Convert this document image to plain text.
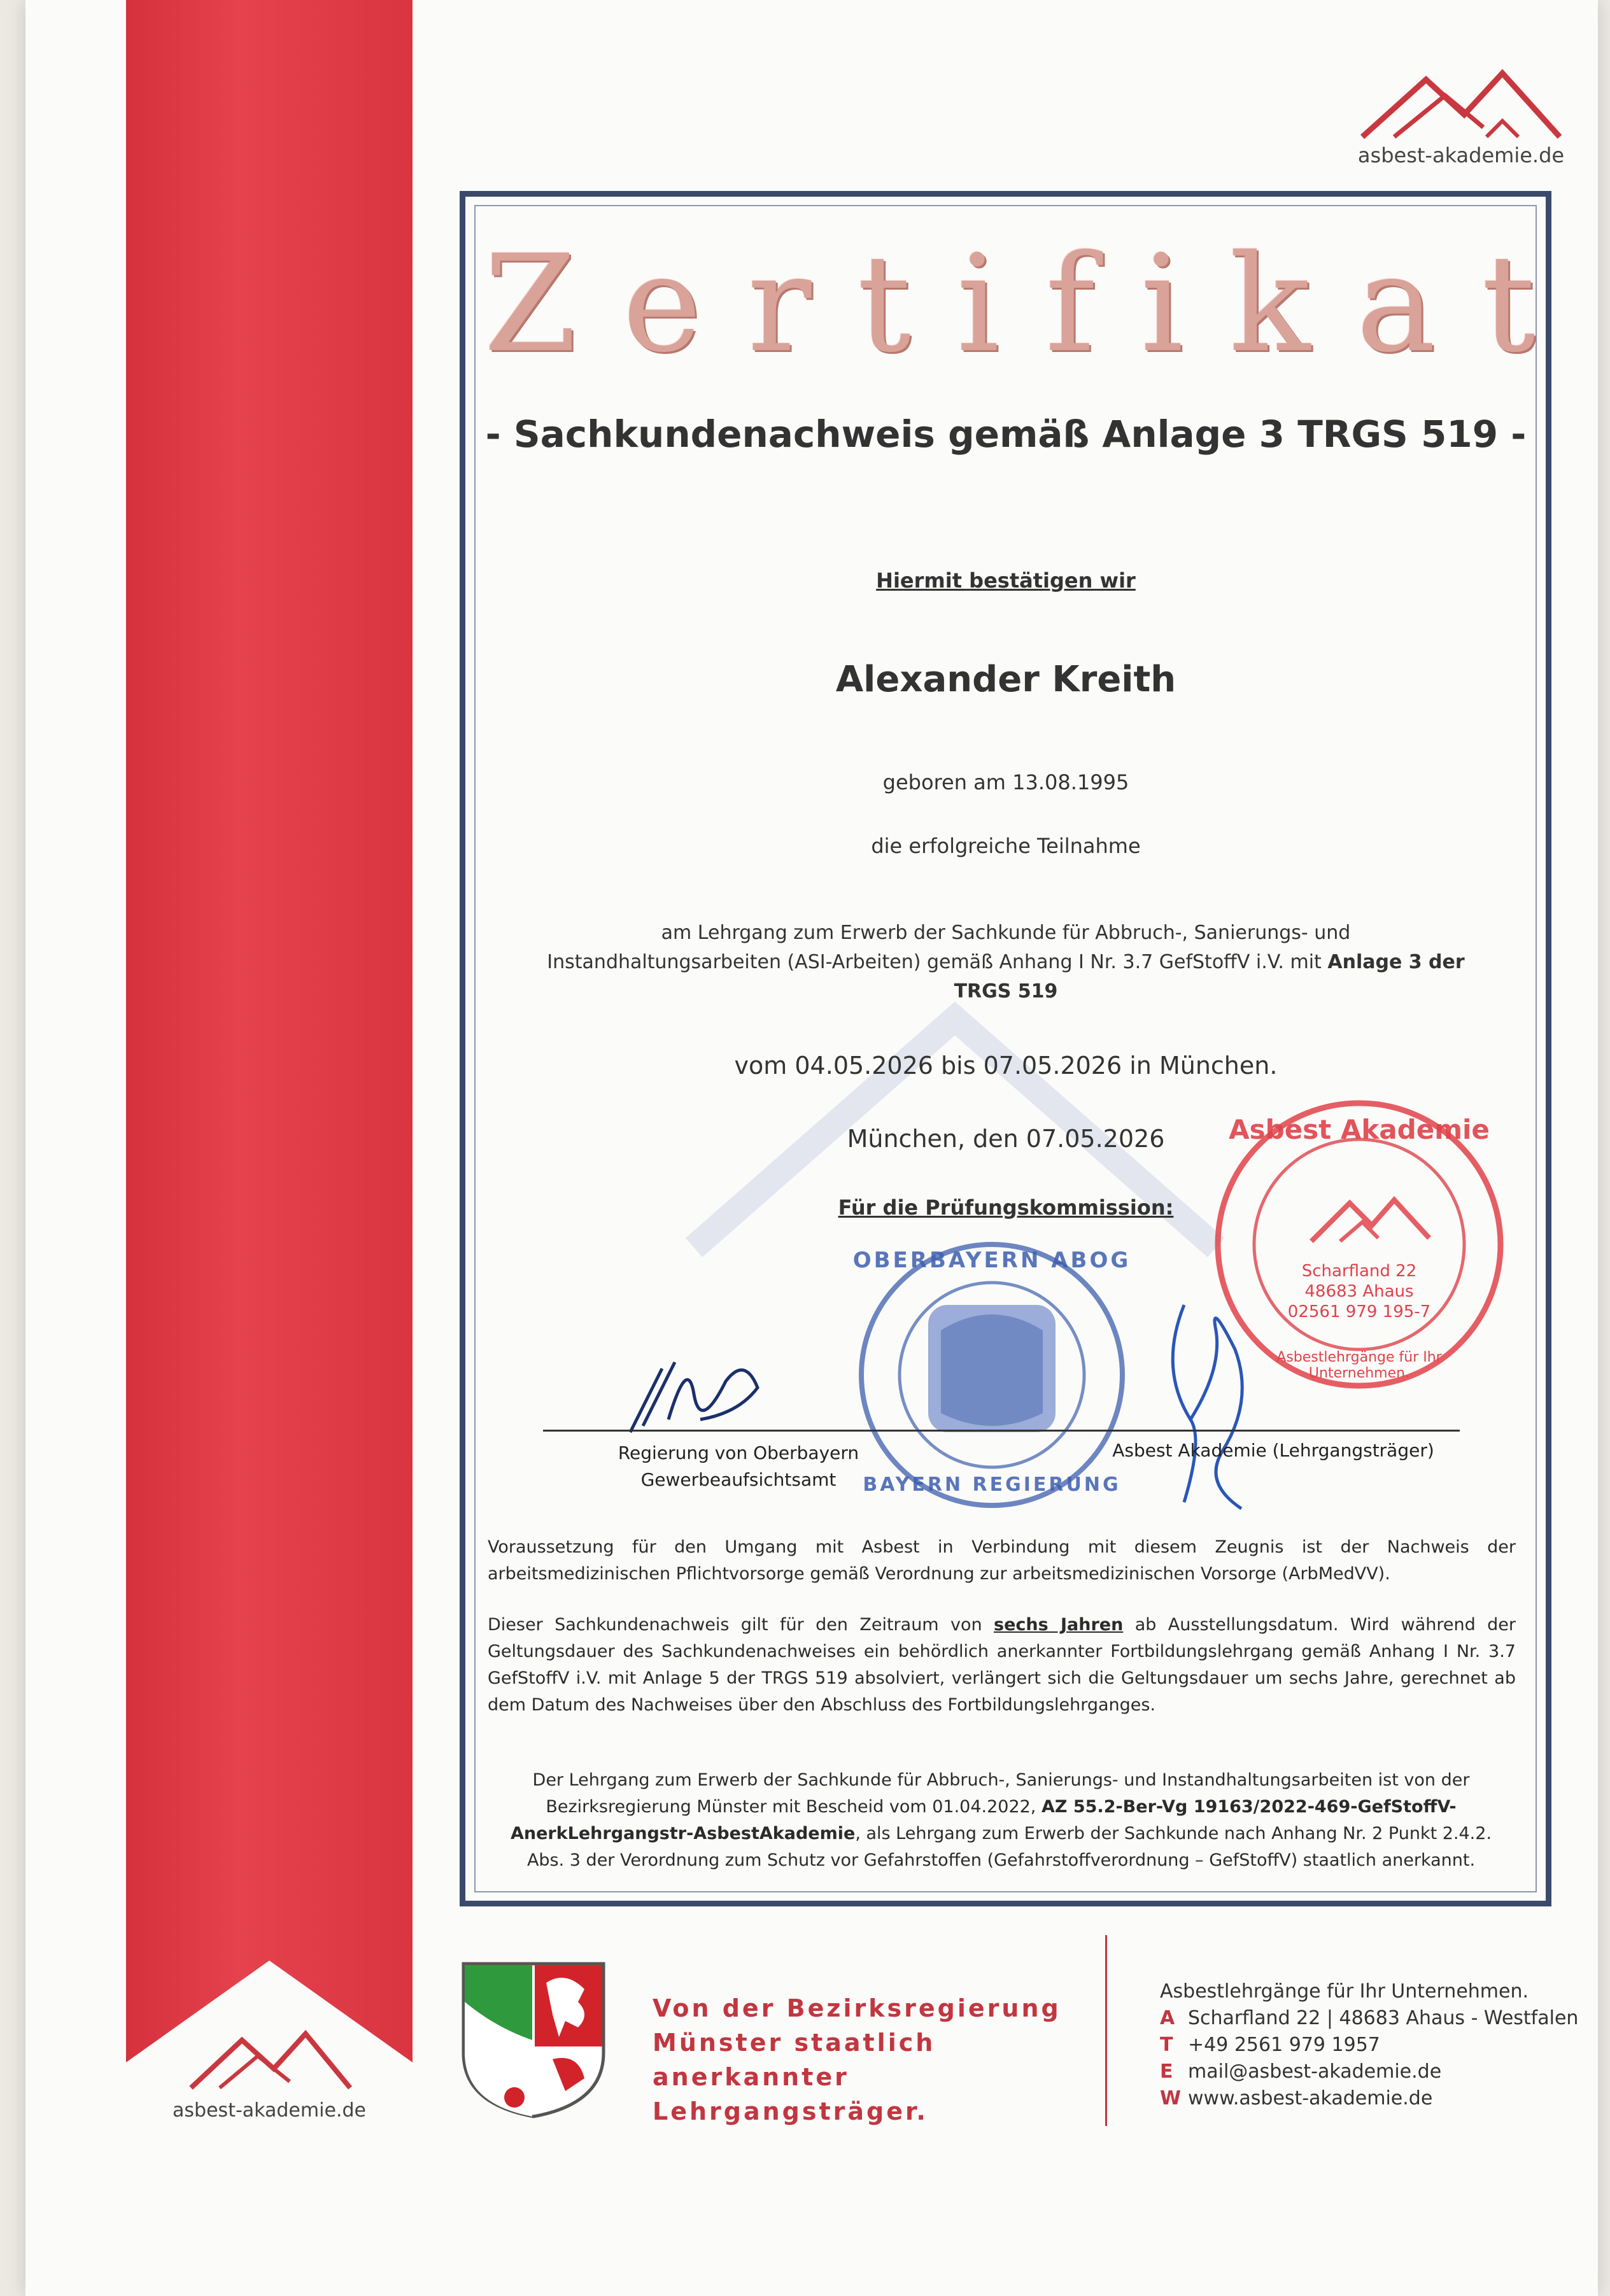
asbest-akademie.de
Zertifikat
- Sachkundenachweis gemäß Anlage 3 TRGS 519 -
Hiermit bestätigen wir
Alexander Kreith
geboren am 13.08.1995
die erfolgreiche Teilnahme
am Lehrgang zum Erwerb der Sachkunde für Abbruch-, Sanierungs- und
Instandhaltungsarbeiten (ASI-Arbeiten) gemäß Anhang I Nr. 3.7 GefStoffV i.V. mit Anlage 3 der
TRGS 519
vom 04.05.2026 bis 07.05.2026 in München.
München, den 07.05.2026
Für die Prüfungskommission:
OBERBAYERN ABOG
BAYERN REGIERUNG
Asbest Akademie
Scharfland 22
48683 Ahaus
02561 979 195-7
Asbestlehrgänge für Ihr Unternehmen.
Regierung von Oberbayern
Gewerbeaufsichtsamt
Asbest Akademie (Lehrgangsträger)
Voraussetzung für den Umgang mit Asbest in Verbindung mit diesem Zeugnis ist der Nachweis der arbeitsmedizinischen Pflichtvorsorge gemäß Verordnung zur arbeitsmedizinischen Vorsorge (ArbMedVV).
Dieser Sachkundenachweis gilt für den Zeitraum von sechs Jahren ab Ausstellungsdatum. Wird während der Geltungsdauer des Sachkundenachweises ein behördlich anerkannter Fortbildungslehrgang gemäß Anhang I Nr. 3.7 GefStoffV i.V. mit Anlage 5 der TRGS 519 absolviert, verlängert sich die Geltungsdauer um sechs Jahre, gerechnet ab dem Datum des Nachweises über den Abschluss des Fortbildungslehrganges.
Der Lehrgang zum Erwerb der Sachkunde für Abbruch-, Sanierungs- und Instandhaltungsarbeiten ist von der Bezirksregierung Münster mit Bescheid vom 01.04.2022, AZ 55.2-Ber-Vg 19163/2022-469-GefStoffV-AnerkLehrgangstr-AsbestAkademie, als Lehrgang zum Erwerb der Sachkunde nach Anhang Nr. 2 Punkt 2.4.2. Abs. 3 der Verordnung zum Schutz vor Gefahrstoffen (Gefahrstoffverordnung – GefStoffV) staatlich anerkannt.
asbest-akademie.de
Von der Bezirksregierung
Münster staatlich
anerkannter Lehrgangsträger.
Asbestlehrgänge für Ihr Unternehmen.
A Scharfland 22 | 48683 Ahaus - Westfalen
T +49 2561 979 1957
E mail@asbest-akademie.de
W www.asbest-akademie.de
